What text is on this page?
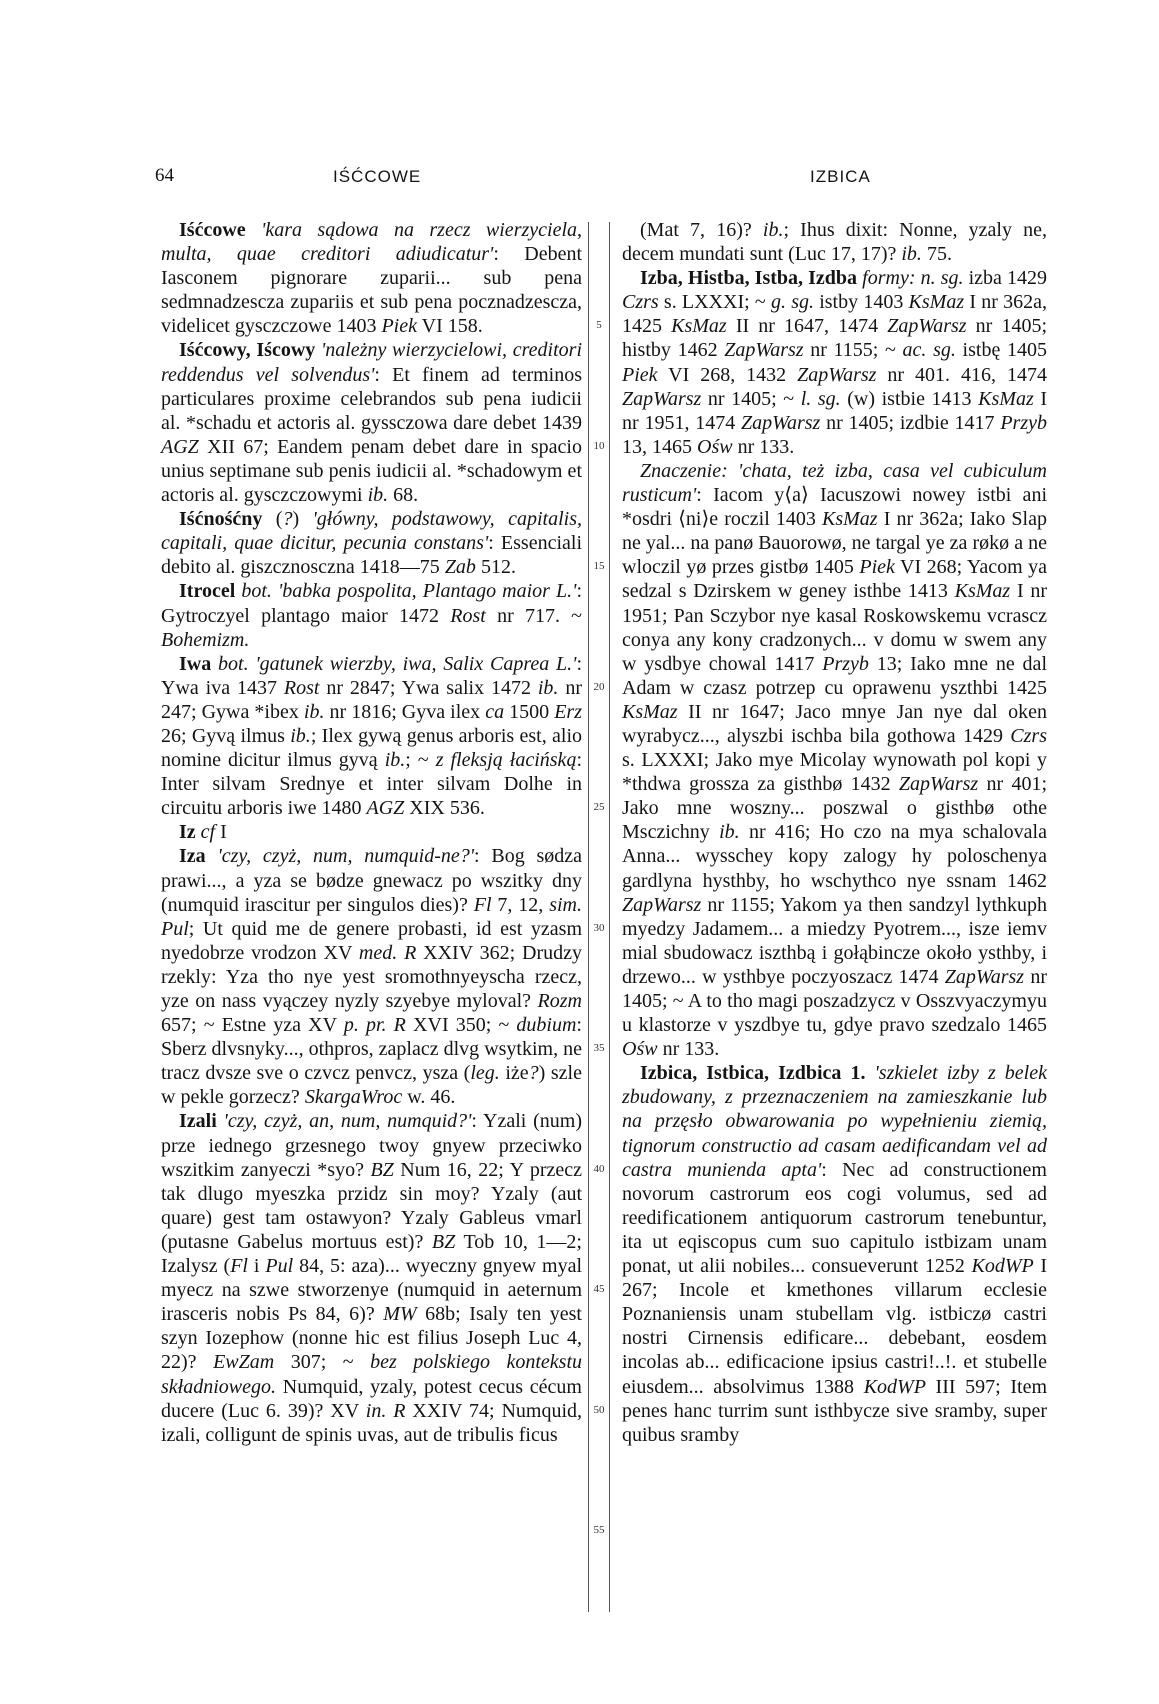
64	IŚĆCOWE	IZBICA
5
10
15
20
25
30
35
40
45
50
55

Iśćcowe 'kara sądowa na rzecz wierzyciela, multa, quae creditori adiudicatur': Debent Iasconem pignorare zuparii... sub pena sedmnadzescza zupariis et sub pena pocznadzescza, videlicet gysczczowe 1403 Piek VI 158.

Iśćcowy, Iścowy 'należny wierzycielowi, creditori reddendus vel solvendus': Et finem ad terminos particulares proxime celebrandos sub pena iudicii al. *schadu et actoris al. gyssczowa dare debet 1439 AGZ XII 67; Eandem penam debet dare in spacio unius septimane sub penis iudicii al. *schadowym et actoris al. gysczczowymi ib. 68.

Iśćnośćny (?) 'główny, podstawowy, capitalis, capitali, quae dicitur, pecunia constans': Essenciali debito al. giszcznosczna 1418—75 Zab 512.

Itrocel bot. 'babka pospolita, Plantago maior L.': Gytroczyel plantago maior 1472 Rost nr 717. ~ Bohemizm.

Iwa bot. 'gatunek wierzby, iwa, Salix Caprea L.': Ywa iva 1437 Rost nr 2847; Ywa salix 1472 ib. nr 247; Gywa *ibex ib. nr 1816; Gyva ilex ca 1500 Erz 26; Gyvą ilmus ib.; Ilex gywą genus arboris est, alio nomine dicitur ilmus gyvą ib.; ~ z fleksją łacińską: Inter silvam Srednye et inter silvam Dolhe in circuitu arboris iwe 1480 AGZ XIX 536.

Iz cf I

Iza 'czy, czyż, num, numquid-ne?': Bog sødza prawi..., a yza se bødze gnewacz po wszitky dny (numquid irascitur per singulos dies)? Fl 7, 12, sim. Pul; Ut quid me de genere probasti, id est yzasm nyedobrze vrodzon XV med. R XXIV 362; Drudzy rzekly: Yza tho nye yest sromothnyeyscha rzecz, yze on nass vyączey nyzly szyebye myloval? Rozm 657; ~ Estne yza XV p. pr. R XVI 350; ~ dubium: Sberz dlvsnyky..., othpros, zaplacz dlvg wsytkim, ne tracz dvsze sve o czvcz penvcz, ysza (leg. iże?) szle w pekle gorzecz? SkargaWroc w. 46.

Izali 'czy, czyż, an, num, numquid?': Yzali (num) prze iednego grzesnego twoy gnyew przeciwko wszitkim zanyeczi *syo? BZ Num 16, 22; Y przecz tak dlugo myeszka przidz sin moy? Yzaly (aut quare) gest tam ostawyon? Yzaly Gableus vmarl (putasne Gabelus mortuus est)? BZ Tob 10, 1—2; Izalysz (Fl i Pul 84, 5: aza)... wyeczny gnyew myal myecz na szwe stworzenye (numquid in aeternum irasceris nobis Ps 84, 6)? MW 68b; Isaly ten yest szyn Iozephow (nonne hic est filius Joseph Luc 4, 22)? EwZam 307; ~ bez polskiego kontekstu składniowego. Numquid, yzaly, potest cecus cécum ducere (Luc 6. 39)? XV in. R XXIV 74; Numquid, izali, colligunt de spinis uvas, aut de tribulis ficus

(Mat 7, 16)? ib.; Ihus dixit: Nonne, yzaly ne, decem mundati sunt (Luc 17, 17)? ib. 75.

Izba, Histba, Istba, Izdba formy: n. sg. izba 1429 Czrs s. LXXXI; ~ g. sg. istby 1403 KsMaz I nr 362a, 1425 KsMaz II nr 1647, 1474 ZapWarsz nr 1405; histby 1462 ZapWarsz nr 1155; ~ ac. sg. istbę 1405 Piek VI 268, 1432 ZapWarsz nr 401. 416, 1474 ZapWarsz nr 1405; ~ l. sg. (w) istbie 1413 KsMaz I nr 1951, 1474 ZapWarsz nr 1405; izdbie 1417 Przyb 13, 1465 Ośw nr 133.

Znaczenie: 'chata, też izba, casa vel cubiculum rusticum': Iacom y⟨a⟩ Iacuszowi nowey istbi ani *osdri ⟨ni⟩e roczil 1403 KsMaz I nr 362a; Iako Slap ne yal... na panø Bauorowø, ne targal ye za røkø a ne wloczil yø przes gistbø 1405 Piek VI 268; Yacom ya sedzal s Dzirskem w geney isthbe 1413 KsMaz I nr 1951; Pan Sczybor nye kasal Roskowskemu vcrascz conya any kony cradzonych... v domu w swem any w ysdbye chowal 1417 Przyb 13; Iako mne ne dal Adam w czasz potrzep cu oprawenu yszthbi 1425 KsMaz II nr 1647; Jaco mnye Jan nye dal oken wyrabycz..., alyszbi ischba bila gothowa 1429 Czrs s. LXXXI; Jako mye Micolay wynowath pol kopi y *thdwa grossza za gisthbø 1432 ZapWarsz nr 401; Jako mne woszny... poszwal o gisthbø othe Msczichny ib. nr 416; Ho czo na mya schalovala Anna... wysschey kopy zalogy hy poloschenya gardlyna hysthby, ho wschythco nye ssnam 1462 ZapWarsz nr 1155; Yakom ya then sandzyl lythkuph myedzy Jadamem... a miedzy Pyotrem..., isze iemv mial sbudowacz iszthbą i gołąbincze około ysthby, i drzewo... w ysthbye poczyoszacz 1474 ZapWarsz nr 1405; ~ A to tho magi poszadzycz v Osszvyaczymyu u klastorze v yszdbye tu, gdye pravo szedzalo 1465 Ośw nr 133.

Izbica, Istbica, Izdbica 1. 'szkielet izby z belek zbudowany, z przeznaczeniem na zamieszkanie lub na przęsło obwarowania po wypełnieniu ziemią, tignorum constructio ad casam aedificandam vel ad castra munienda apta': Nec ad constructionem novorum castrorum eos cogi volumus, sed ad reedificationem antiquorum castrorum tenebuntur, ita ut eqiscopus cum suo capitulo istbizam unam ponat, ut alii nobiles... consueverunt 1252 KodWP I 267; Incole et kmethones villarum ecclesie Poznaniensis unam stubellam vlg. istbiczø castri nostri Cirnensis edificare... debebant, eosdem incolas ab... edificacione ipsius castri!..!. et stubelle eiusdem... absolvimus 1388 KodWP III 597; Item penes hanc turrim sunt isthbycze sive sramby, super quibus sramby
